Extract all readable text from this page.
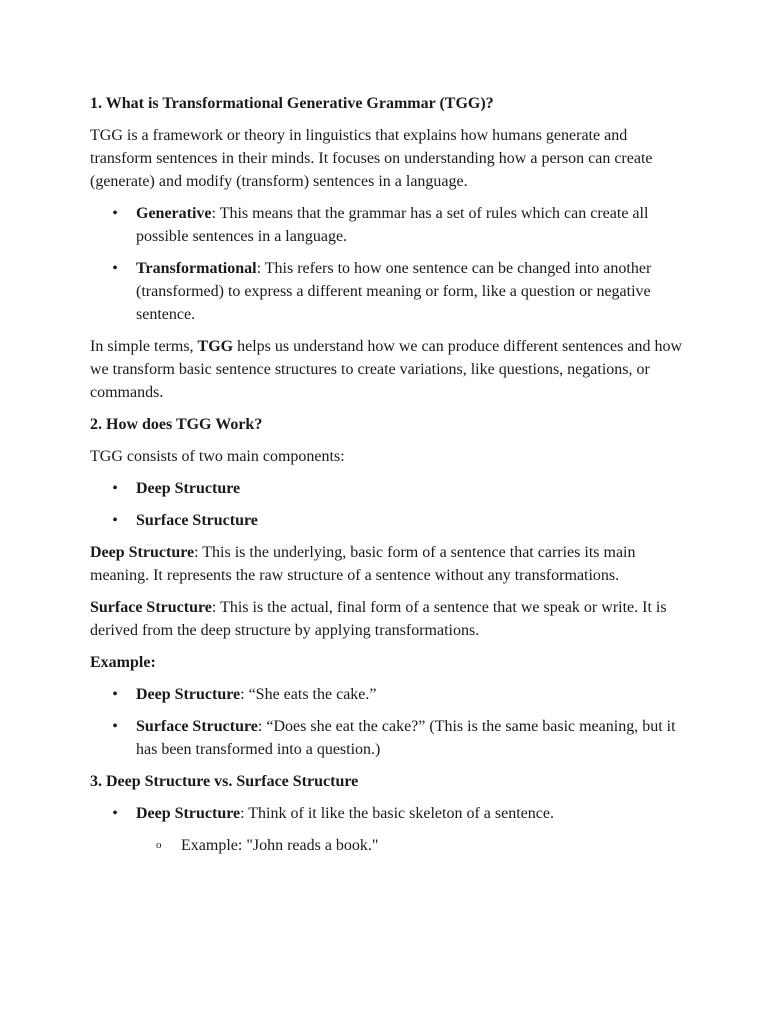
1. What is Transformational Generative Grammar (TGG)?

TGG is a framework or theory in linguistics that explains how humans generate and transform sentences in their minds. It focuses on understanding how a person can create (generate) and modify (transform) sentences in a language.

• Generative: This means that the grammar has a set of rules which can create all possible sentences in a language.
• Transformational: This refers to how one sentence can be changed into another (transformed) to express a different meaning or form, like a question or negative sentence.

In simple terms, TGG helps us understand how we can produce different sentences and how we transform basic sentence structures to create variations, like questions, negations, or commands.

2. How does TGG Work?

TGG consists of two main components:

• Deep Structure
• Surface Structure

Deep Structure: This is the underlying, basic form of a sentence that carries its main meaning. It represents the raw structure of a sentence without any transformations.

Surface Structure: This is the actual, final form of a sentence that we speak or write. It is derived from the deep structure by applying transformations.

Example:
• Deep Structure: “She eats the cake.”
• Surface Structure: “Does she eat the cake?” (This is the same basic meaning, but it has been transformed into a question.)
3. Deep Structure vs. Surface Structure
• Deep Structure: Think of it like the basic skeleton of a sentence.
o Example: "John reads a book."
